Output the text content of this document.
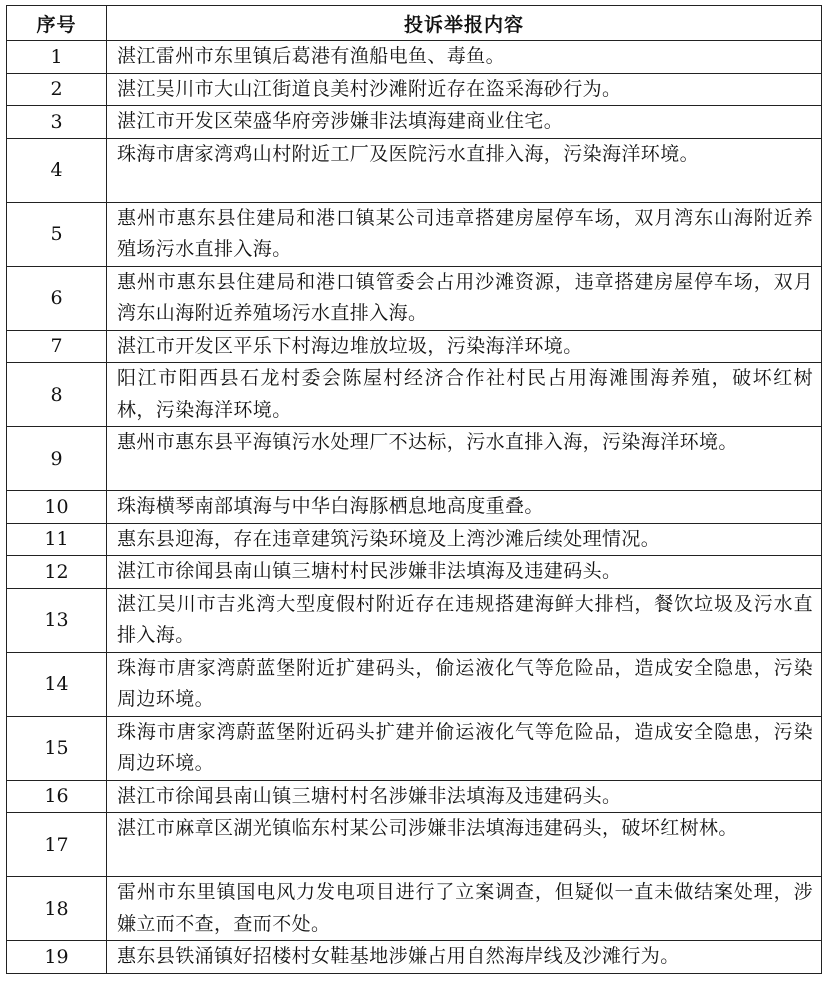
序号	投诉举报内容
1	湛江雷州市东里镇后葛港有渔船电鱼、毒鱼。
2	湛江吴川市大山江街道良美村沙滩附近存在盗采海砂行为。
3	湛江市开发区荣盛华府旁涉嫌非法填海建商业住宅。
4	珠海市唐家湾鸡山村附近工厂及医院污水直排入海，污染海洋环境。
5	惠州市惠东县住建局和港口镇某公司违章搭建房屋停车场，双月湾东山海附近养殖场污水直排入海。
6	惠州市惠东县住建局和港口镇管委会占用沙滩资源，违章搭建房屋停车场，双月湾东山海附近养殖场污水直排入海。
7	湛江市开发区平乐下村海边堆放垃圾，污染海洋环境。
8	阳江市阳西县石龙村委会陈屋村经济合作社村民占用海滩围海养殖，破坏红树林，污染海洋环境。
9	惠州市惠东县平海镇污水处理厂不达标，污水直排入海，污染海洋环境。
10	珠海横琴南部填海与中华白海豚栖息地高度重叠。
11	惠东县迎海，存在违章建筑污染环境及上湾沙滩后续处理情况。
12	湛江市徐闻县南山镇三塘村村民涉嫌非法填海及违建码头。
13	湛江吴川市吉兆湾大型度假村附近存在违规搭建海鲜大排档，餐饮垃圾及污水直排入海。
14	珠海市唐家湾蔚蓝堡附近扩建码头，偷运液化气等危险品，造成安全隐患，污染周边环境。
15	珠海市唐家湾蔚蓝堡附近码头扩建并偷运液化气等危险品，造成安全隐患，污染周边环境。
16	湛江市徐闻县南山镇三塘村村名涉嫌非法填海及违建码头。
17	湛江市麻章区湖光镇临东村某公司涉嫌非法填海违建码头，破坏红树林。
18	雷州市东里镇国电风力发电项目进行了立案调查，但疑似一直未做结案处理，涉嫌立而不查，查而不处。
19	惠东县铁涌镇好招楼村女鞋基地涉嫌占用自然海岸线及沙滩行为。
